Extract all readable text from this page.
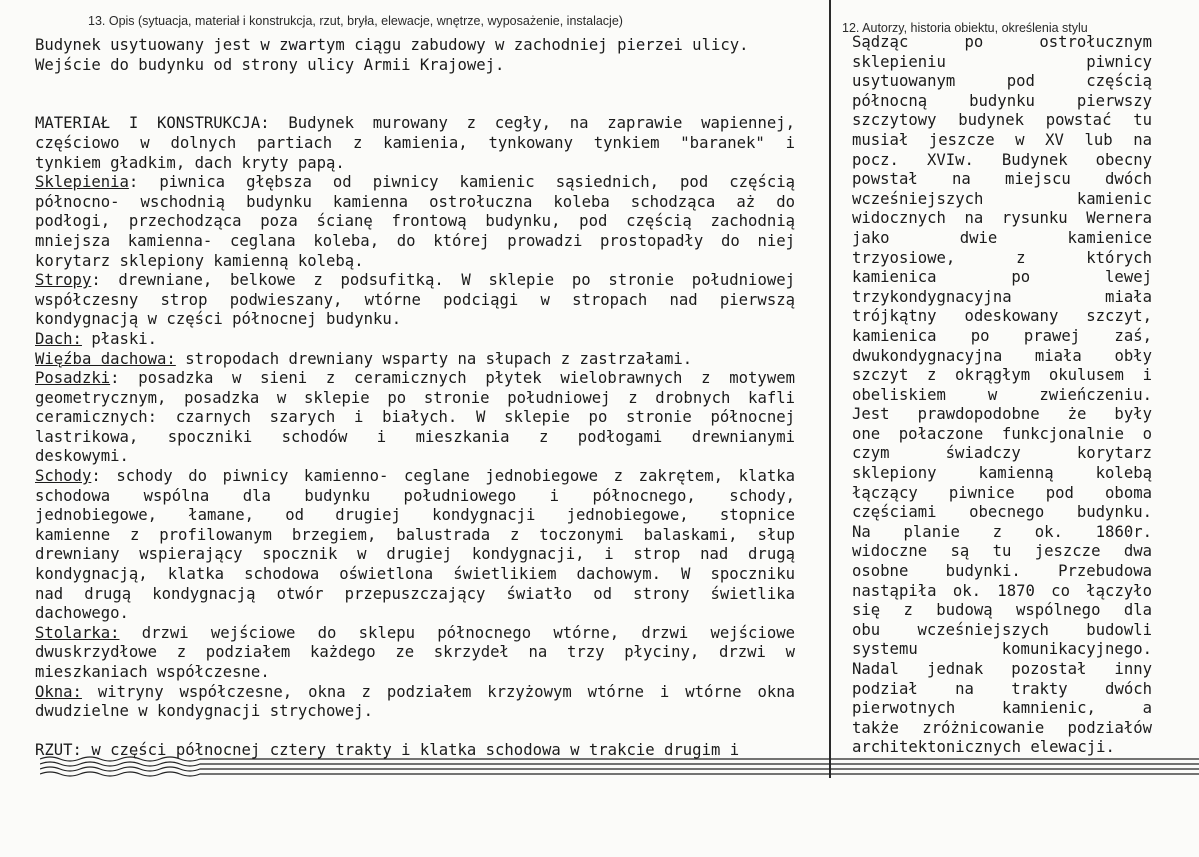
13. Opis (sytuacja, materiał i konstrukcja, rzut, bryła, elewacje, wnętrze, wyposażenie, instalacje)	12. Autorzy, historia obiektu, określenia stylu
Budynek usytuowany jest w zwartym ciągu zabudowy w zachodniej pierzei ulicy.
Wejście do budynku od strony ulicy Armii Krajowej.
MATERIAŁ I KONSTRUKCJA: Budynek murowany z cegły, na zaprawie wapiennej,
częściowo w dolnych partiach z kamienia, tynkowany tynkiem "baranek" i
tynkiem gładkim, dach kryty papą.
Sklepienia: piwnica głębsza od piwnicy kamienic sąsiednich, pod częścią
północno- wschodnią budynku kamienna ostrołuczna koleba schodząca aż do
podłogi, przechodząca poza ścianę frontową budynku, pod częścią zachodnią
mniejsza kamienna- ceglana koleba, do której prowadzi prostopadły do niej
korytarz sklepiony kamienną kolebą.
Stropy: drewniane, belkowe z podsufitką. W sklepie po stronie południowej
współczesny strop podwieszany, wtórne podciągi w stropach nad pierwszą
kondygnacją w części północnej budynku.
Dach: płaski.
Więźba dachowa: stropodach drewniany wsparty na słupach z zastrzałami.
Posadzki: posadzka w sieni z ceramicznych płytek wielobrawnych z motywem
geometrycznym, posadzka w sklepie po stronie południowej z drobnych kafli
ceramicznych: czarnych szarych i białych. W sklepie po stronie północnej
lastrikowa, spoczniki schodów i mieszkania z podłogami drewnianymi
deskowymi.
Schody: schody do piwnicy kamienno- ceglane jednobiegowe z zakrętem, klatka
schodowa wspólna dla budynku południowego i północnego, schody,
jednobiegowe, łamane, od drugiej kondygnacji jednobiegowe, stopnice
kamienne z profilowanym brzegiem, balustrada z toczonymi balaskami, słup
drewniany wspierający spocznik w drugiej kondygnacji, i strop nad drugą
kondygnacją, klatka schodowa oświetlona świetlikiem dachowym. W spoczniku
nad drugą kondygnacją otwór przepuszczający światło od strony świetlika
dachowego.
Stolarka: drzwi wejściowe do sklepu północnego wtórne, drzwi wejściowe
dwuskrzydłowe z podziałem każdego ze skrzydeł na trzy płyciny, drzwi w
mieszkaniach współczesne.
Okna: witryny współczesne, okna z podziałem krzyżowym wtórne i wtórne okna
dwudzielne w kondygnacji strychowej.
RZUT: w części północnej cztery trakty i klatka schodowa w trakcie drugim i
Sądząc po ostrołucznym
sklepieniu piwnicy
usytuowanym pod częścią
północną budynku pierwszy
szczytowy budynek powstać tu
musiał jeszcze w XV lub na
pocz. XVIw. Budynek obecny
powstał na miejscu dwóch
wcześniejszych kamienic
widocznych na rysunku Wernera
jako dwie kamienice
trzyosiowe, z których
kamienica po lewej
trzykondygnacyjna miała
trójkątny odeskowany szczyt,
kamienica po prawej zaś,
dwukondygnacyjna miała obły
szczyt z okrągłym okulusem i
obeliskiem w zwieńczeniu.
Jest prawdopodobne że były
one połaczone funkcjonalnie o
czym świadczy korytarz
sklepiony kamienną kolebą
łączący piwnice pod oboma
częściami obecnego budynku.
Na planie z ok. 1860r.
widoczne są tu jeszcze dwa
osobne budynki. Przebudowa
nastąpiła ok. 1870 co łączyło
się z budową wspólnego dla
obu wcześniejszych budowli
systemu komunikacyjnego.
Nadal jednak pozostał inny
podział na trakty dwóch
pierwotnych kamnienic, a
także zróżnicowanie podziałów
architektonicznych elewacji.
